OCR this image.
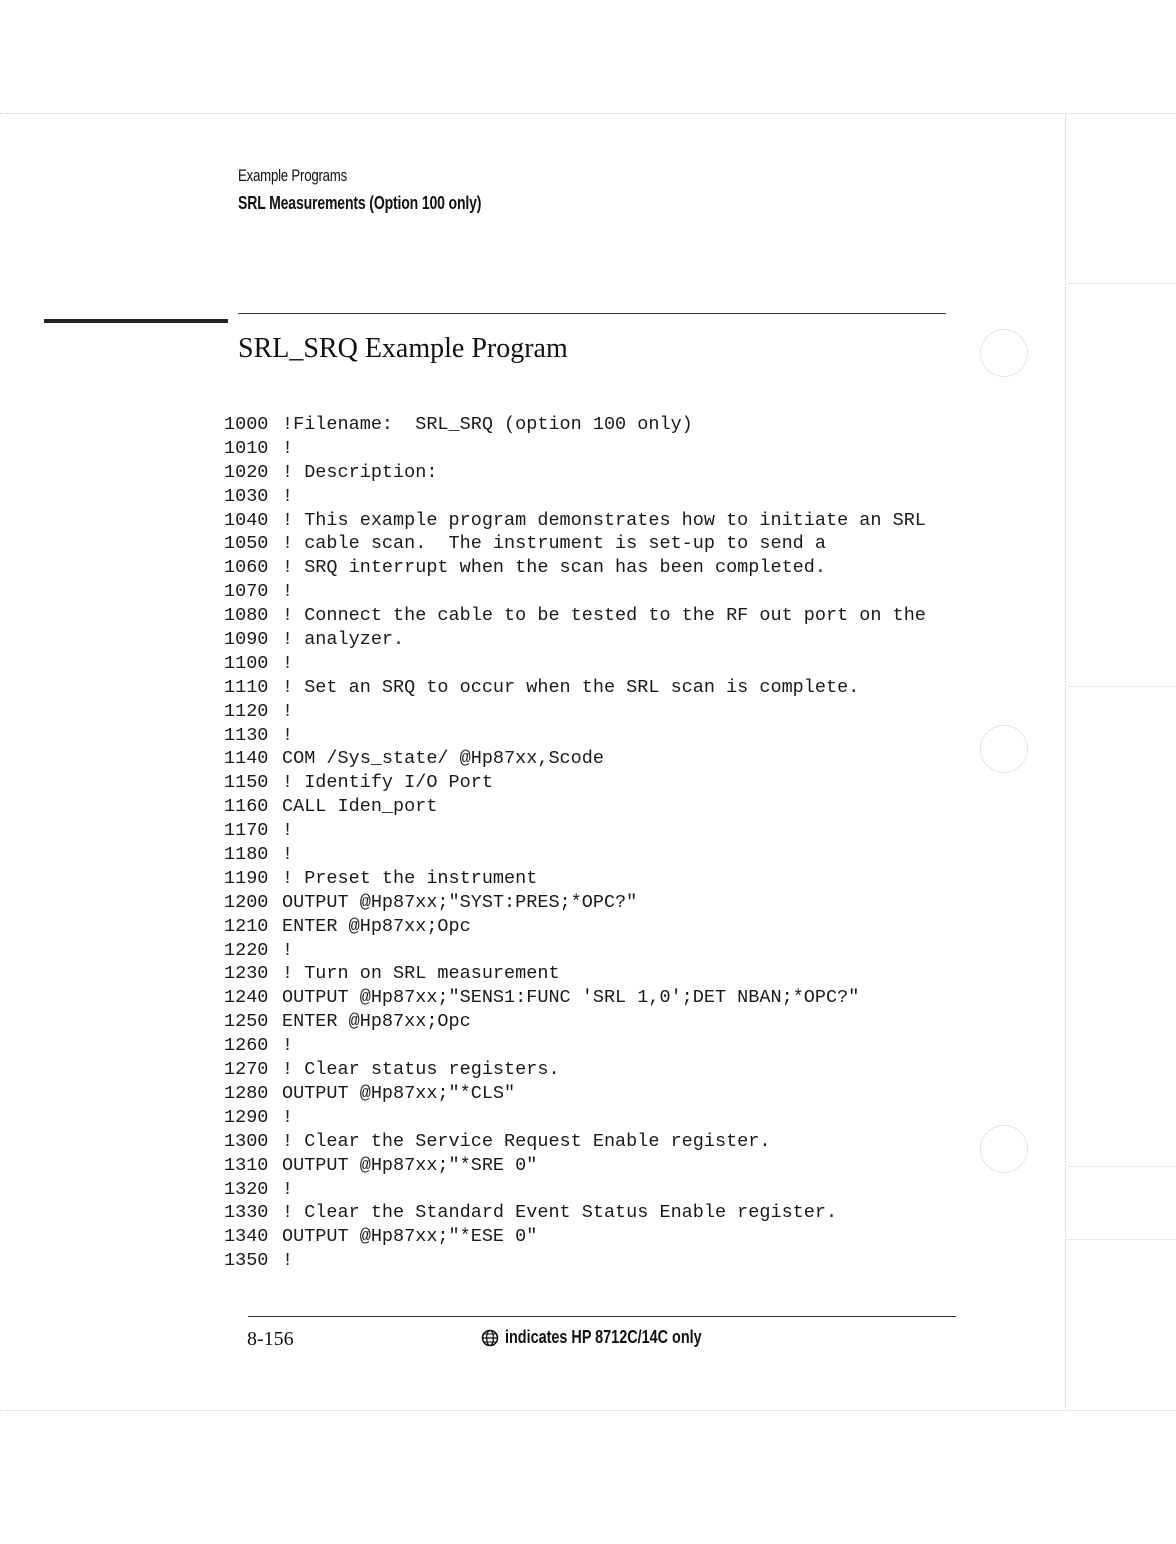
Example Programs
SRL Measurements (Option 100 only)
SRL_SRQ Example Program
1000 !Filename:  SRL_SRQ (option 100 only)
1010 !
1020 ! Description:
1030 !
1040 ! This example program demonstrates how to initiate an SRL
1050 ! cable scan.  The instrument is set-up to send a
1060 ! SRQ interrupt when the scan has been completed.
1070 !
1080 ! Connect the cable to be tested to the RF out port on the
1090 ! analyzer.
1100 !
1110 ! Set an SRQ to occur when the SRL scan is complete.
1120 !
1130 !
1140 COM /Sys_state/ @Hp87xx,Scode
1150 ! Identify I/O Port
1160 CALL Iden_port
1170 !
1180 !
1190 ! Preset the instrument
1200 OUTPUT @Hp87xx;"SYST:PRES;*OPC?"
1210 ENTER @Hp87xx;Opc
1220 !
1230 ! Turn on SRL measurement
1240 OUTPUT @Hp87xx;"SENS1:FUNC 'SRL 1,0';DET NBAN;*OPC?"
1250 ENTER @Hp87xx;Opc
1260 !
1270 ! Clear status registers.
1280 OUTPUT @Hp87xx;"*CLS"
1290 !
1300 ! Clear the Service Request Enable register.
1310 OUTPUT @Hp87xx;"*SRE 0"
1320 !
1330 ! Clear the Standard Event Status Enable register.
1340 OUTPUT @Hp87xx;"*ESE 0"
1350 !
8-156	indicates HP 8712C/14C only
